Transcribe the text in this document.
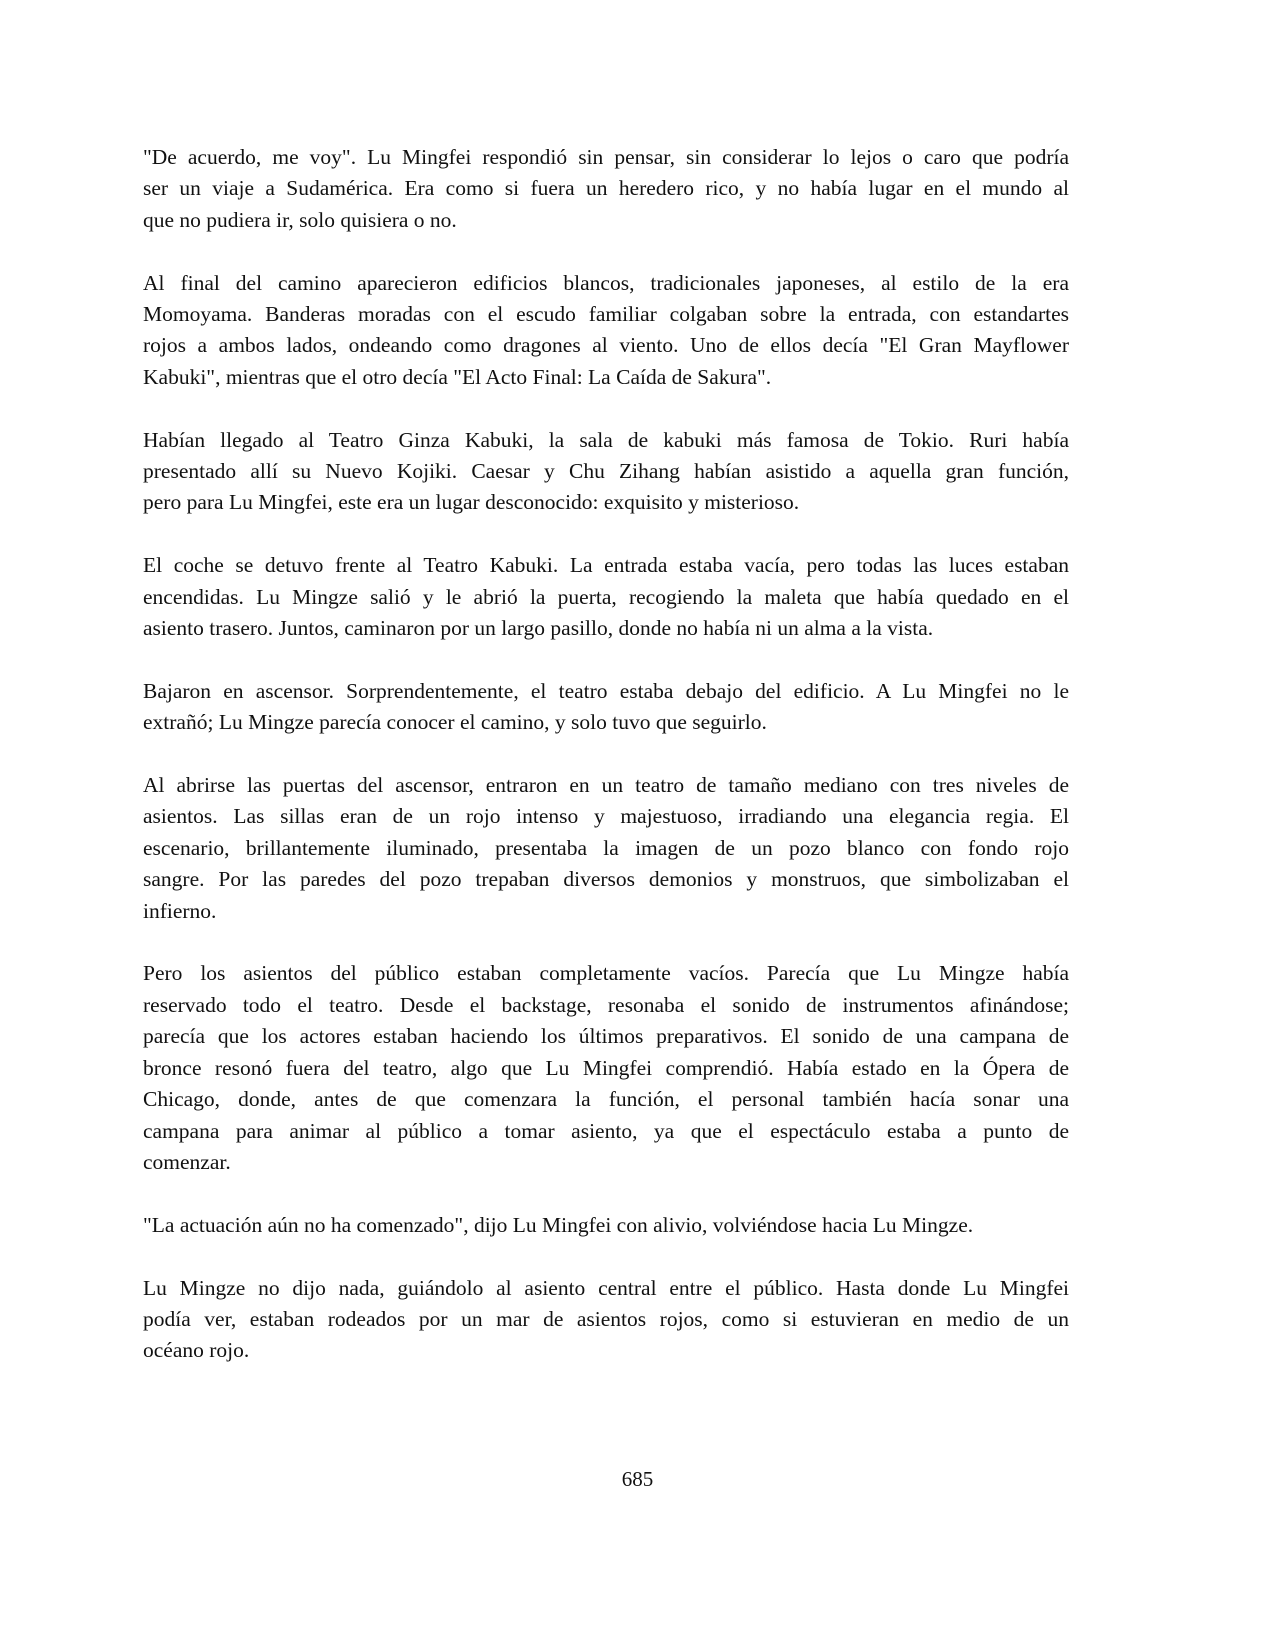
"De acuerdo, me voy". Lu Mingfei respondió sin pensar, sin considerar lo lejos o caro que podría
ser un viaje a Sudamérica. Era como si fuera un heredero rico, y no había lugar en el mundo al
que no pudiera ir, solo quisiera o no.
Al final del camino aparecieron edificios blancos, tradicionales japoneses, al estilo de la era
Momoyama. Banderas moradas con el escudo familiar colgaban sobre la entrada, con estandartes
rojos a ambos lados, ondeando como dragones al viento. Uno de ellos decía "El Gran Mayflower
Kabuki", mientras que el otro decía "El Acto Final: La Caída de Sakura".
Habían llegado al Teatro Ginza Kabuki, la sala de kabuki más famosa de Tokio. Ruri había
presentado allí su Nuevo Kojiki. Caesar y Chu Zihang habían asistido a aquella gran función,
pero para Lu Mingfei, este era un lugar desconocido: exquisito y misterioso.
El coche se detuvo frente al Teatro Kabuki. La entrada estaba vacía, pero todas las luces estaban
encendidas. Lu Mingze salió y le abrió la puerta, recogiendo la maleta que había quedado en el
asiento trasero. Juntos, caminaron por un largo pasillo, donde no había ni un alma a la vista.
Bajaron en ascensor. Sorprendentemente, el teatro estaba debajo del edificio. A Lu Mingfei no le
extrañó; Lu Mingze parecía conocer el camino, y solo tuvo que seguirlo.
Al abrirse las puertas del ascensor, entraron en un teatro de tamaño mediano con tres niveles de
asientos. Las sillas eran de un rojo intenso y majestuoso, irradiando una elegancia regia. El
escenario, brillantemente iluminado, presentaba la imagen de un pozo blanco con fondo rojo
sangre. Por las paredes del pozo trepaban diversos demonios y monstruos, que simbolizaban el
infierno.
Pero los asientos del público estaban completamente vacíos. Parecía que Lu Mingze había
reservado todo el teatro. Desde el backstage, resonaba el sonido de instrumentos afinándose;
parecía que los actores estaban haciendo los últimos preparativos. El sonido de una campana de
bronce resonó fuera del teatro, algo que Lu Mingfei comprendió. Había estado en la Ópera de
Chicago, donde, antes de que comenzara la función, el personal también hacía sonar una
campana para animar al público a tomar asiento, ya que el espectáculo estaba a punto de
comenzar.
"La actuación aún no ha comenzado", dijo Lu Mingfei con alivio, volviéndose hacia Lu Mingze.
Lu Mingze no dijo nada, guiándolo al asiento central entre el público. Hasta donde Lu Mingfei
podía ver, estaban rodeados por un mar de asientos rojos, como si estuvieran en medio de un
océano rojo.
685
